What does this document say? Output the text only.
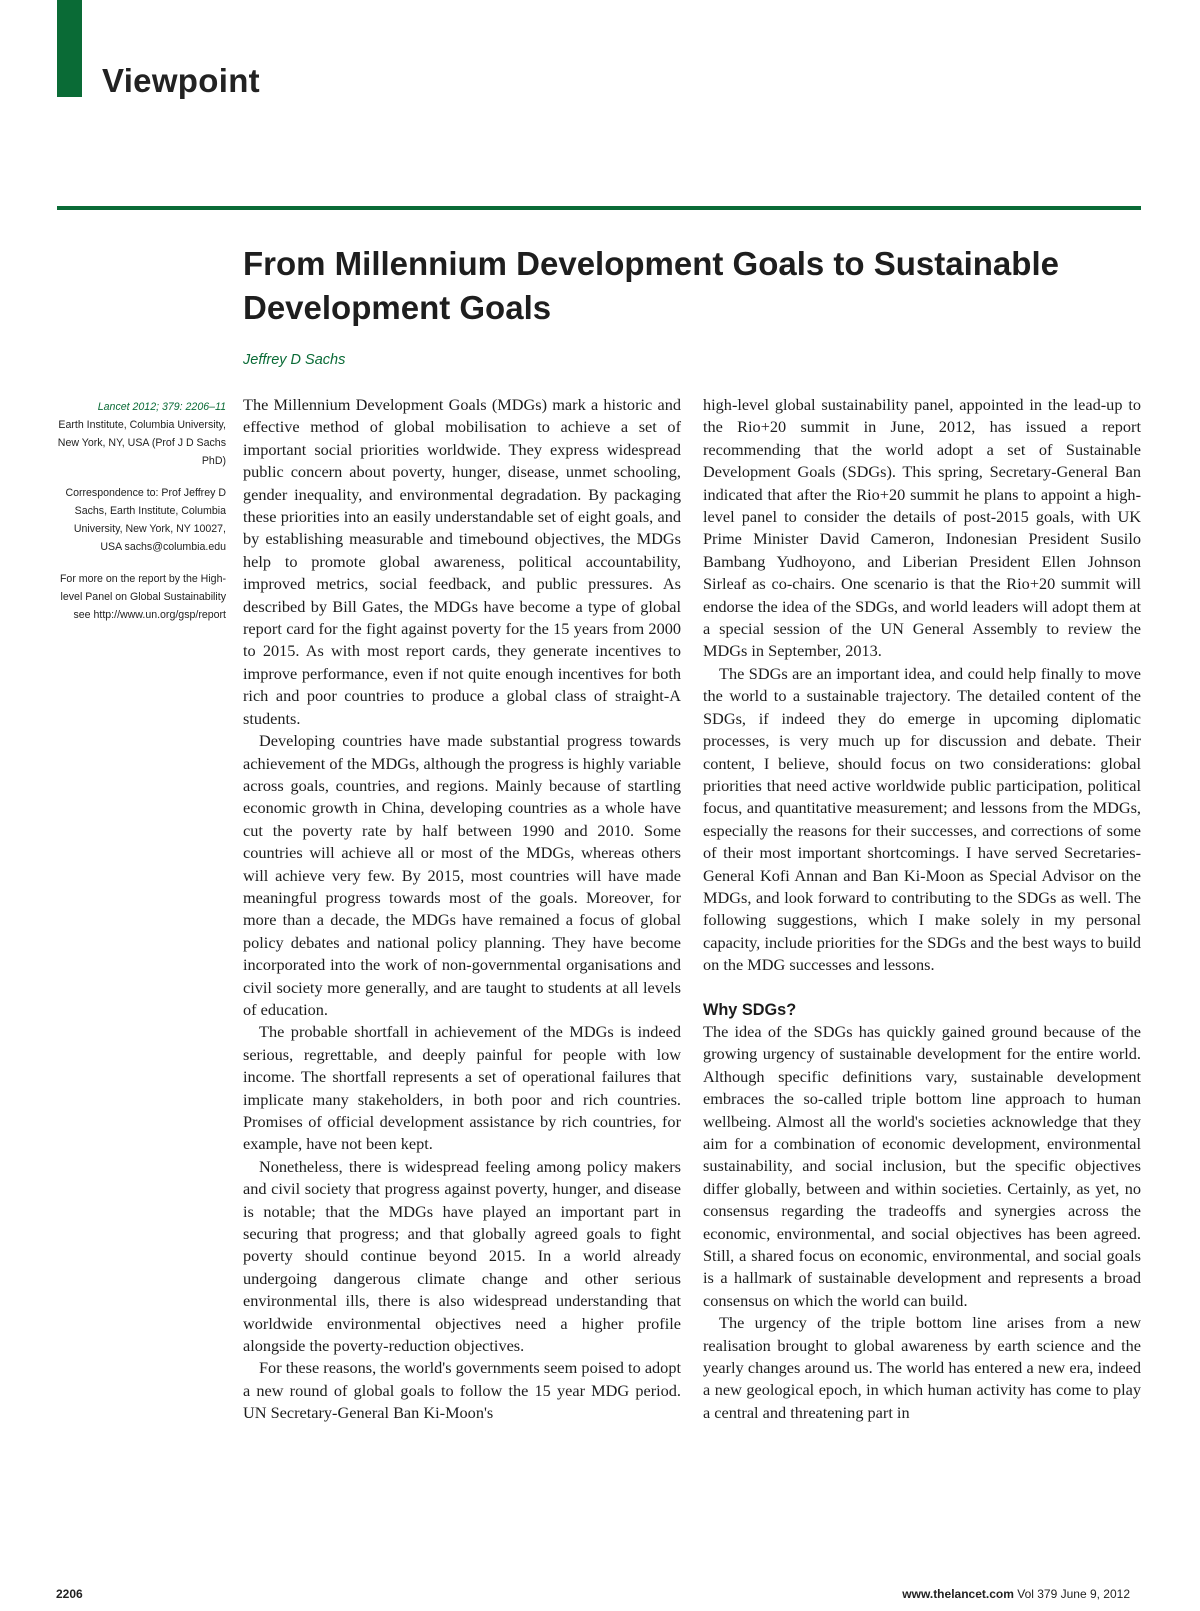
Viewpoint
From Millennium Development Goals to Sustainable Development Goals
Jeffrey D Sachs

Lancet 2012; 379: 2206–11
Earth Institute, Columbia University, New York, NY, USA (Prof J D Sachs PhD)

Correspondence to: Prof Jeffrey D Sachs, Earth Institute, Columbia University, New York, NY 10027, USA sachs@columbia.edu

For more on the report by the High-level Panel on Global Sustainability see http://www.un.org/gsp/report

The Millennium Development Goals (MDGs) mark a historic and effective method of global mobilisation to achieve a set of important social priorities worldwide. They express widespread public concern about poverty, hunger, disease, unmet schooling, gender inequality, and environmental degradation. By packaging these priorities into an easily understandable set of eight goals, and by establishing measurable and timebound objectives, the MDGs help to promote global awareness, political accountability, improved metrics, social feedback, and public pressures. As described by Bill Gates, the MDGs have become a type of global report card for the fight against poverty for the 15 years from 2000 to 2015. As with most report cards, they generate incentives to improve performance, even if not quite enough incentives for both rich and poor countries to produce a global class of straight-A students.

Developing countries have made substantial progress towards achievement of the MDGs, although the progress is highly variable across goals, countries, and regions. Mainly because of startling economic growth in China, developing countries as a whole have cut the poverty rate by half between 1990 and 2010. Some countries will achieve all or most of the MDGs, whereas others will achieve very few. By 2015, most countries will have made meaningful progress towards most of the goals. Moreover, for more than a decade, the MDGs have remained a focus of global policy debates and national policy planning. They have become incorporated into the work of non-governmental organisations and civil society more generally, and are taught to students at all levels of education.

The probable shortfall in achievement of the MDGs is indeed serious, regrettable, and deeply painful for people with low income. The shortfall represents a set of operational failures that implicate many stakeholders, in both poor and rich countries. Promises of official development assistance by rich countries, for example, have not been kept.

Nonetheless, there is widespread feeling among policy makers and civil society that progress against poverty, hunger, and disease is notable; that the MDGs have played an important part in securing that progress; and that globally agreed goals to fight poverty should continue beyond 2015. In a world already undergoing dangerous climate change and other serious environmental ills, there is also widespread understanding that worldwide environmental objectives need a higher profile alongside the poverty-reduction objectives.

For these reasons, the world's governments seem poised to adopt a new round of global goals to follow the 15 year MDG period. UN Secretary-General Ban Ki-Moon's

high-level global sustainability panel, appointed in the lead-up to the Rio+20 summit in June, 2012, has issued a report recommending that the world adopt a set of Sustainable Development Goals (SDGs). This spring, Secretary-General Ban indicated that after the Rio+20 summit he plans to appoint a high-level panel to consider the details of post-2015 goals, with UK Prime Minister David Cameron, Indonesian President Susilo Bambang Yudhoyono, and Liberian President Ellen Johnson Sirleaf as co-chairs. One scenario is that the Rio+20 summit will endorse the idea of the SDGs, and world leaders will adopt them at a special session of the UN General Assembly to review the MDGs in September, 2013.

The SDGs are an important idea, and could help finally to move the world to a sustainable trajectory. The detailed content of the SDGs, if indeed they do emerge in upcoming diplomatic processes, is very much up for discussion and debate. Their content, I believe, should focus on two considerations: global priorities that need active worldwide public participation, political focus, and quantitative measurement; and lessons from the MDGs, especially the reasons for their successes, and corrections of some of their most important shortcomings. I have served Secretaries-General Kofi Annan and Ban Ki-Moon as Special Advisor on the MDGs, and look forward to contributing to the SDGs as well. The following suggestions, which I make solely in my personal capacity, include priorities for the SDGs and the best ways to build on the MDG successes and lessons.

Why SDGs?

The idea of the SDGs has quickly gained ground because of the growing urgency of sustainable development for the entire world. Although specific definitions vary, sustainable development embraces the so-called triple bottom line approach to human wellbeing. Almost all the world's societies acknowledge that they aim for a combination of economic development, environmental sustainability, and social inclusion, but the specific objectives differ globally, between and within societies. Certainly, as yet, no consensus regarding the tradeoffs and synergies across the economic, environmental, and social objectives has been agreed. Still, a shared focus on economic, environmental, and social goals is a hallmark of sustainable development and represents a broad consensus on which the world can build.

The urgency of the triple bottom line arises from a new realisation brought to global awareness by earth science and the yearly changes around us. The world has entered a new era, indeed a new geological epoch, in which human activity has come to play a central and threatening part in

2206	www.thelancet.com Vol 379 June 9, 2012
